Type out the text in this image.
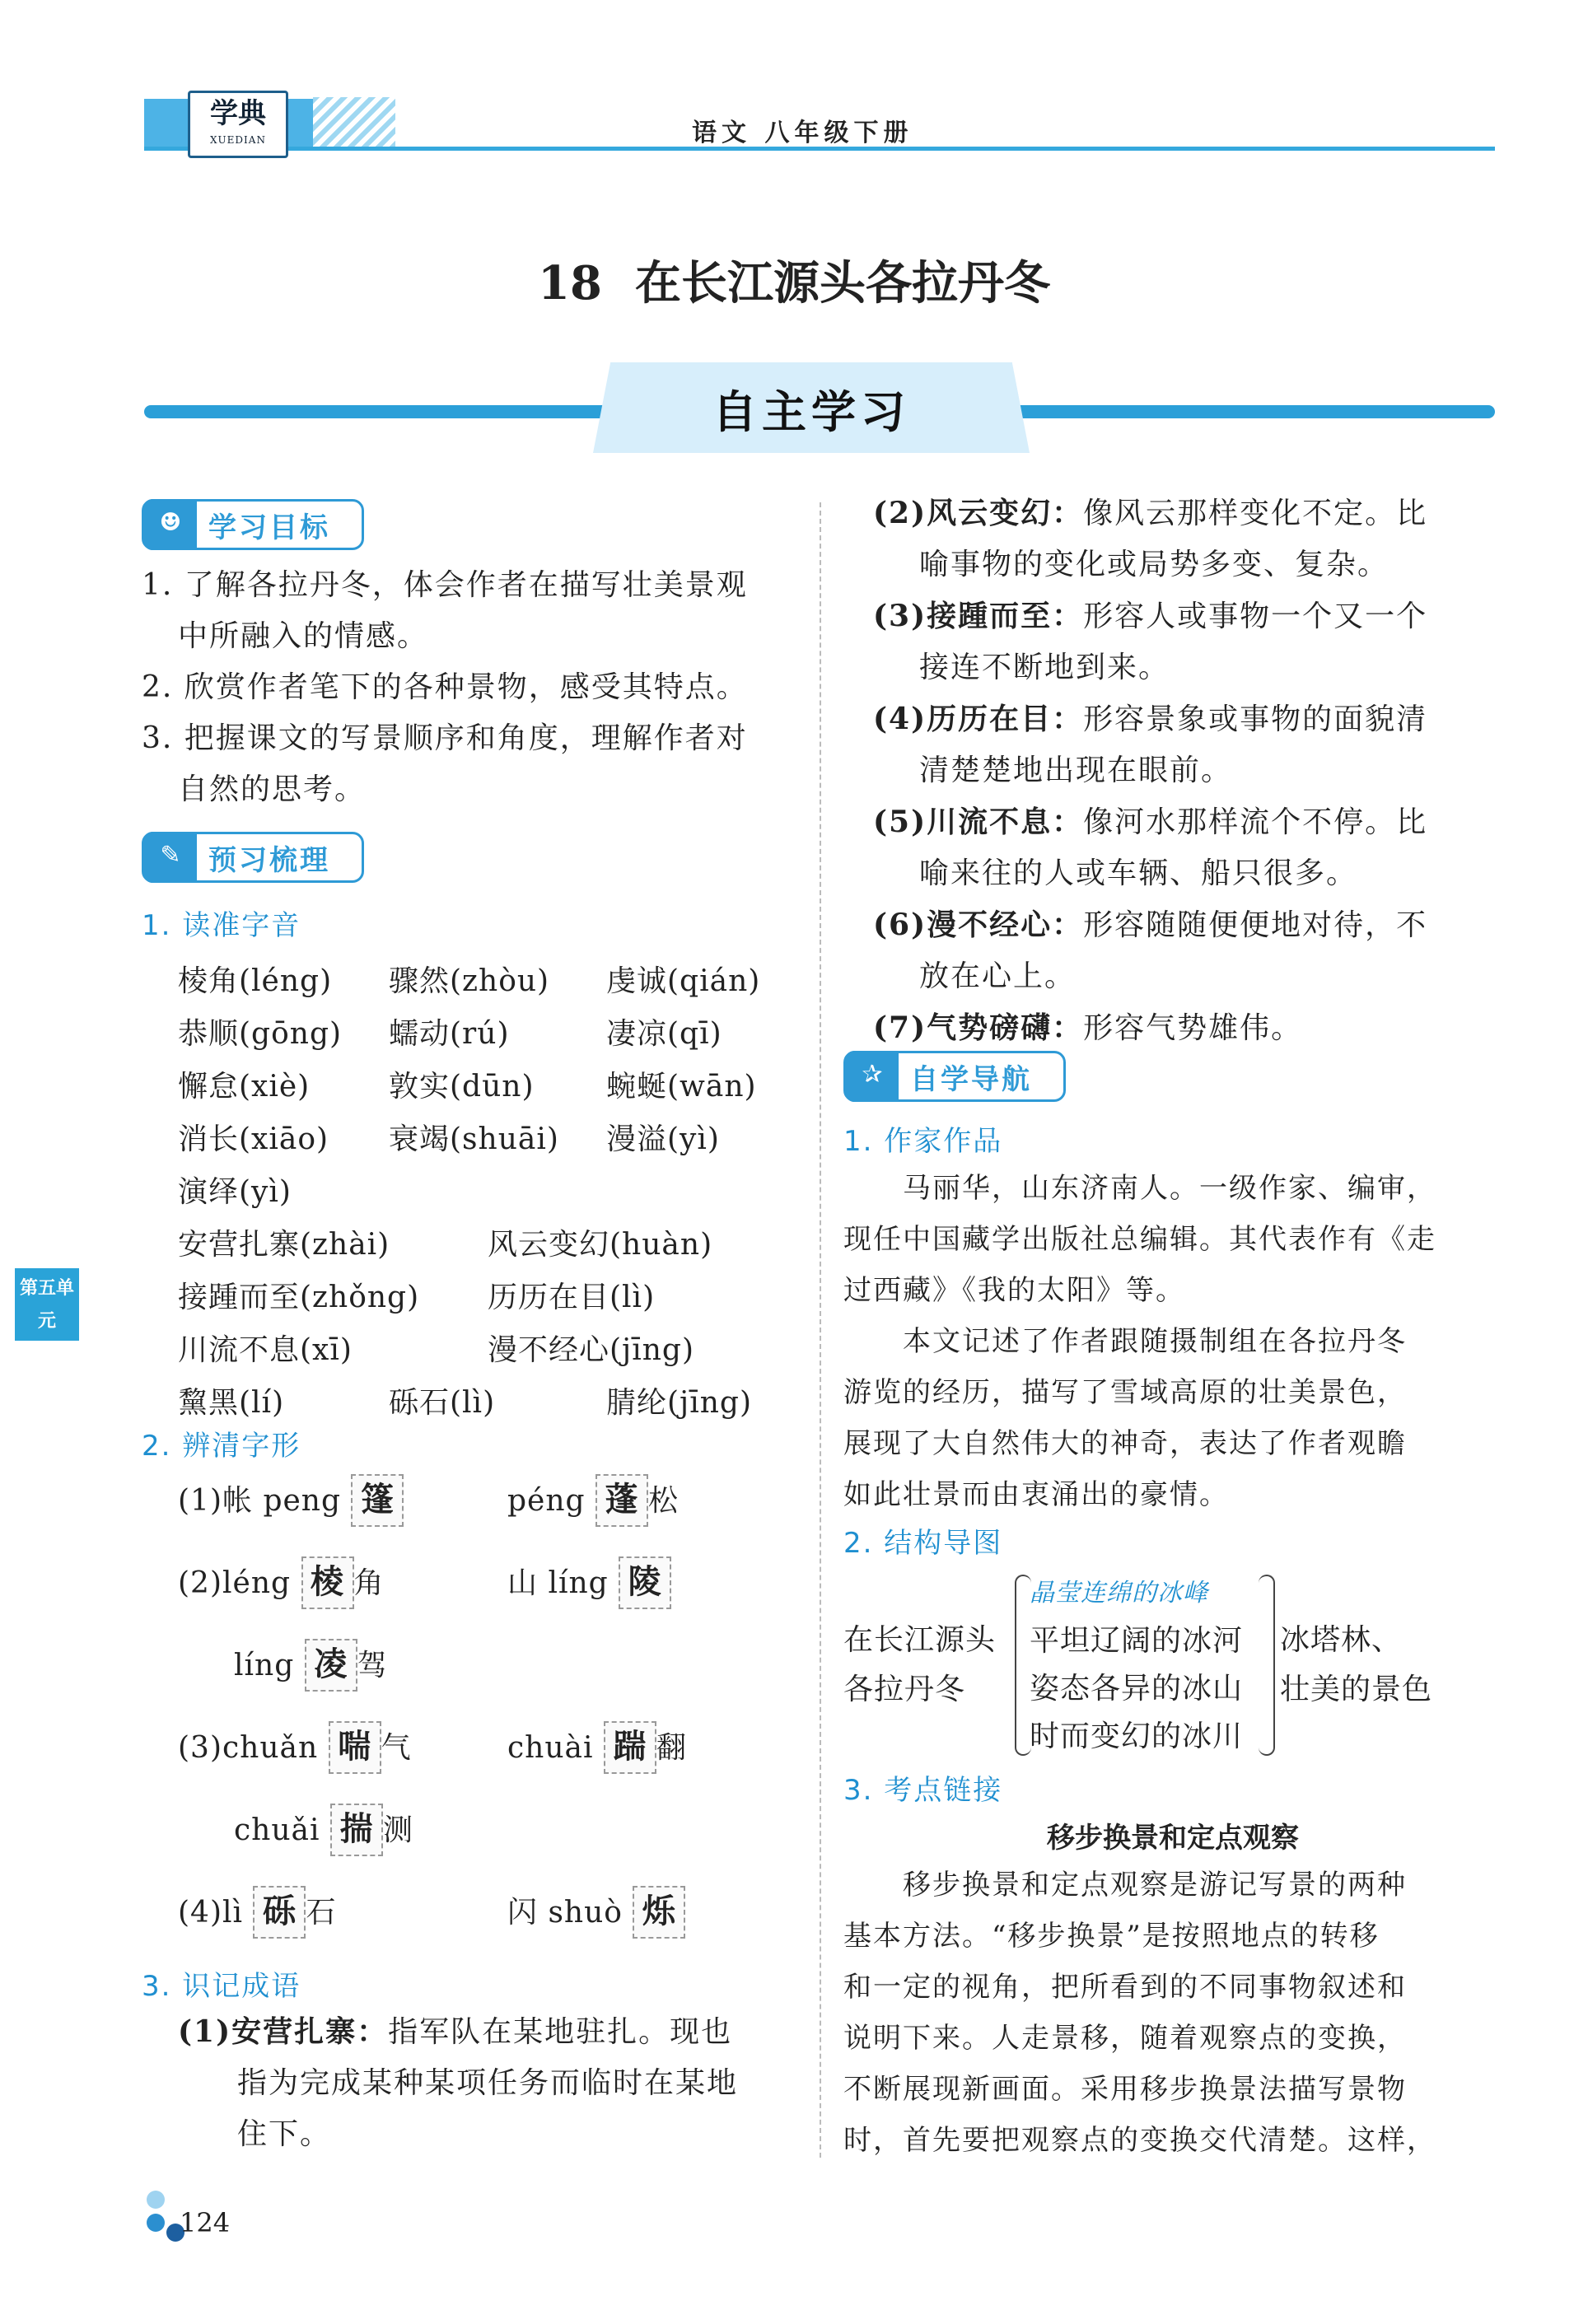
学典
XUEDIAN	语文 八年级下册
18 在长江源头各拉丹冬
自主学习
☻ 学习目标
1. 了解各拉丹冬，体会作者在描写壮美景观
中所融入的情感。
2. 欣赏作者笔下的各种景物，感受其特点。
3. 把握课文的写景顺序和角度，理解作者对
自然的思考。
✎ 预习梳理
1. 读准字音
棱角(léng)	骤然(zhòu)	虔诚(qián)
恭顺(gōng)	蠕动(rú)	凄凉(qī)
懈怠(xiè)	敦实(dūn)	蜿蜒(wān)
消长(xiāo)	衰竭(shuāi)	漫溢(yì)
演绎(yì)
安营扎寨(zhài)	风云变幻(huàn)
接踵而至(zhǒng)	历历在目(lì)
川流不息(xī)	漫不经心(jīng)
黧黑(lí)	砾石(lì)	腈纶(jīng)
2. 辨清字形
(1)帐 peng 篷	péng 蓬 松
(2)léng 棱 角	山 líng 陵
líng 凌 驾
(3)chuǎn 喘 气	chuài 踹 翻
chuǎi 揣 测
(4)lì 砾 石	闪 shuò 烁
3. 识记成语
(1)安营扎寨：指军队在某地驻扎。现也
指为完成某种某项任务而临时在某地
住下。
(2)风云变幻：像风云那样变化不定。比
喻事物的变化或局势多变、复杂。
(3)接踵而至：形容人或事物一个又一个
接连不断地到来。
(4)历历在目：形容景象或事物的面貌清
清楚楚地出现在眼前。
(5)川流不息：像河水那样流个不停。比
喻来往的人或车辆、船只很多。
(6)漫不经心：形容随随便便地对待，不
放在心上。
(7)气势磅礴：形容气势雄伟。
✰ 自学导航
1. 作家作品
马丽华，山东济南人。一级作家、编审，
现任中国藏学出版社总编辑。其代表作有《走
过西藏》《我的太阳》等。
本文记述了作者跟随摄制组在各拉丹冬
游览的经历，描写了雪域高原的壮美景色，
展现了大自然伟大的神奇，表达了作者观瞻
如此壮景而由衷涌出的豪情。
2. 结构导图
在长江源头
各拉丹冬
晶莹连绵的冰峰
平坦辽阔的冰河
姿态各异的冰山
时而变幻的冰川
冰塔林、
壮美的景色
3. 考点链接
移步换景和定点观察
移步换景和定点观察是游记写景的两种
基本方法。“移步换景”是按照地点的转移
和一定的视角，把所看到的不同事物叙述和
说明下来。人走景移，随着观察点的变换，
不断展现新画面。采用移步换景法描写景物
时，首先要把观察点的变换交代清楚。这样，
第五单元
124
